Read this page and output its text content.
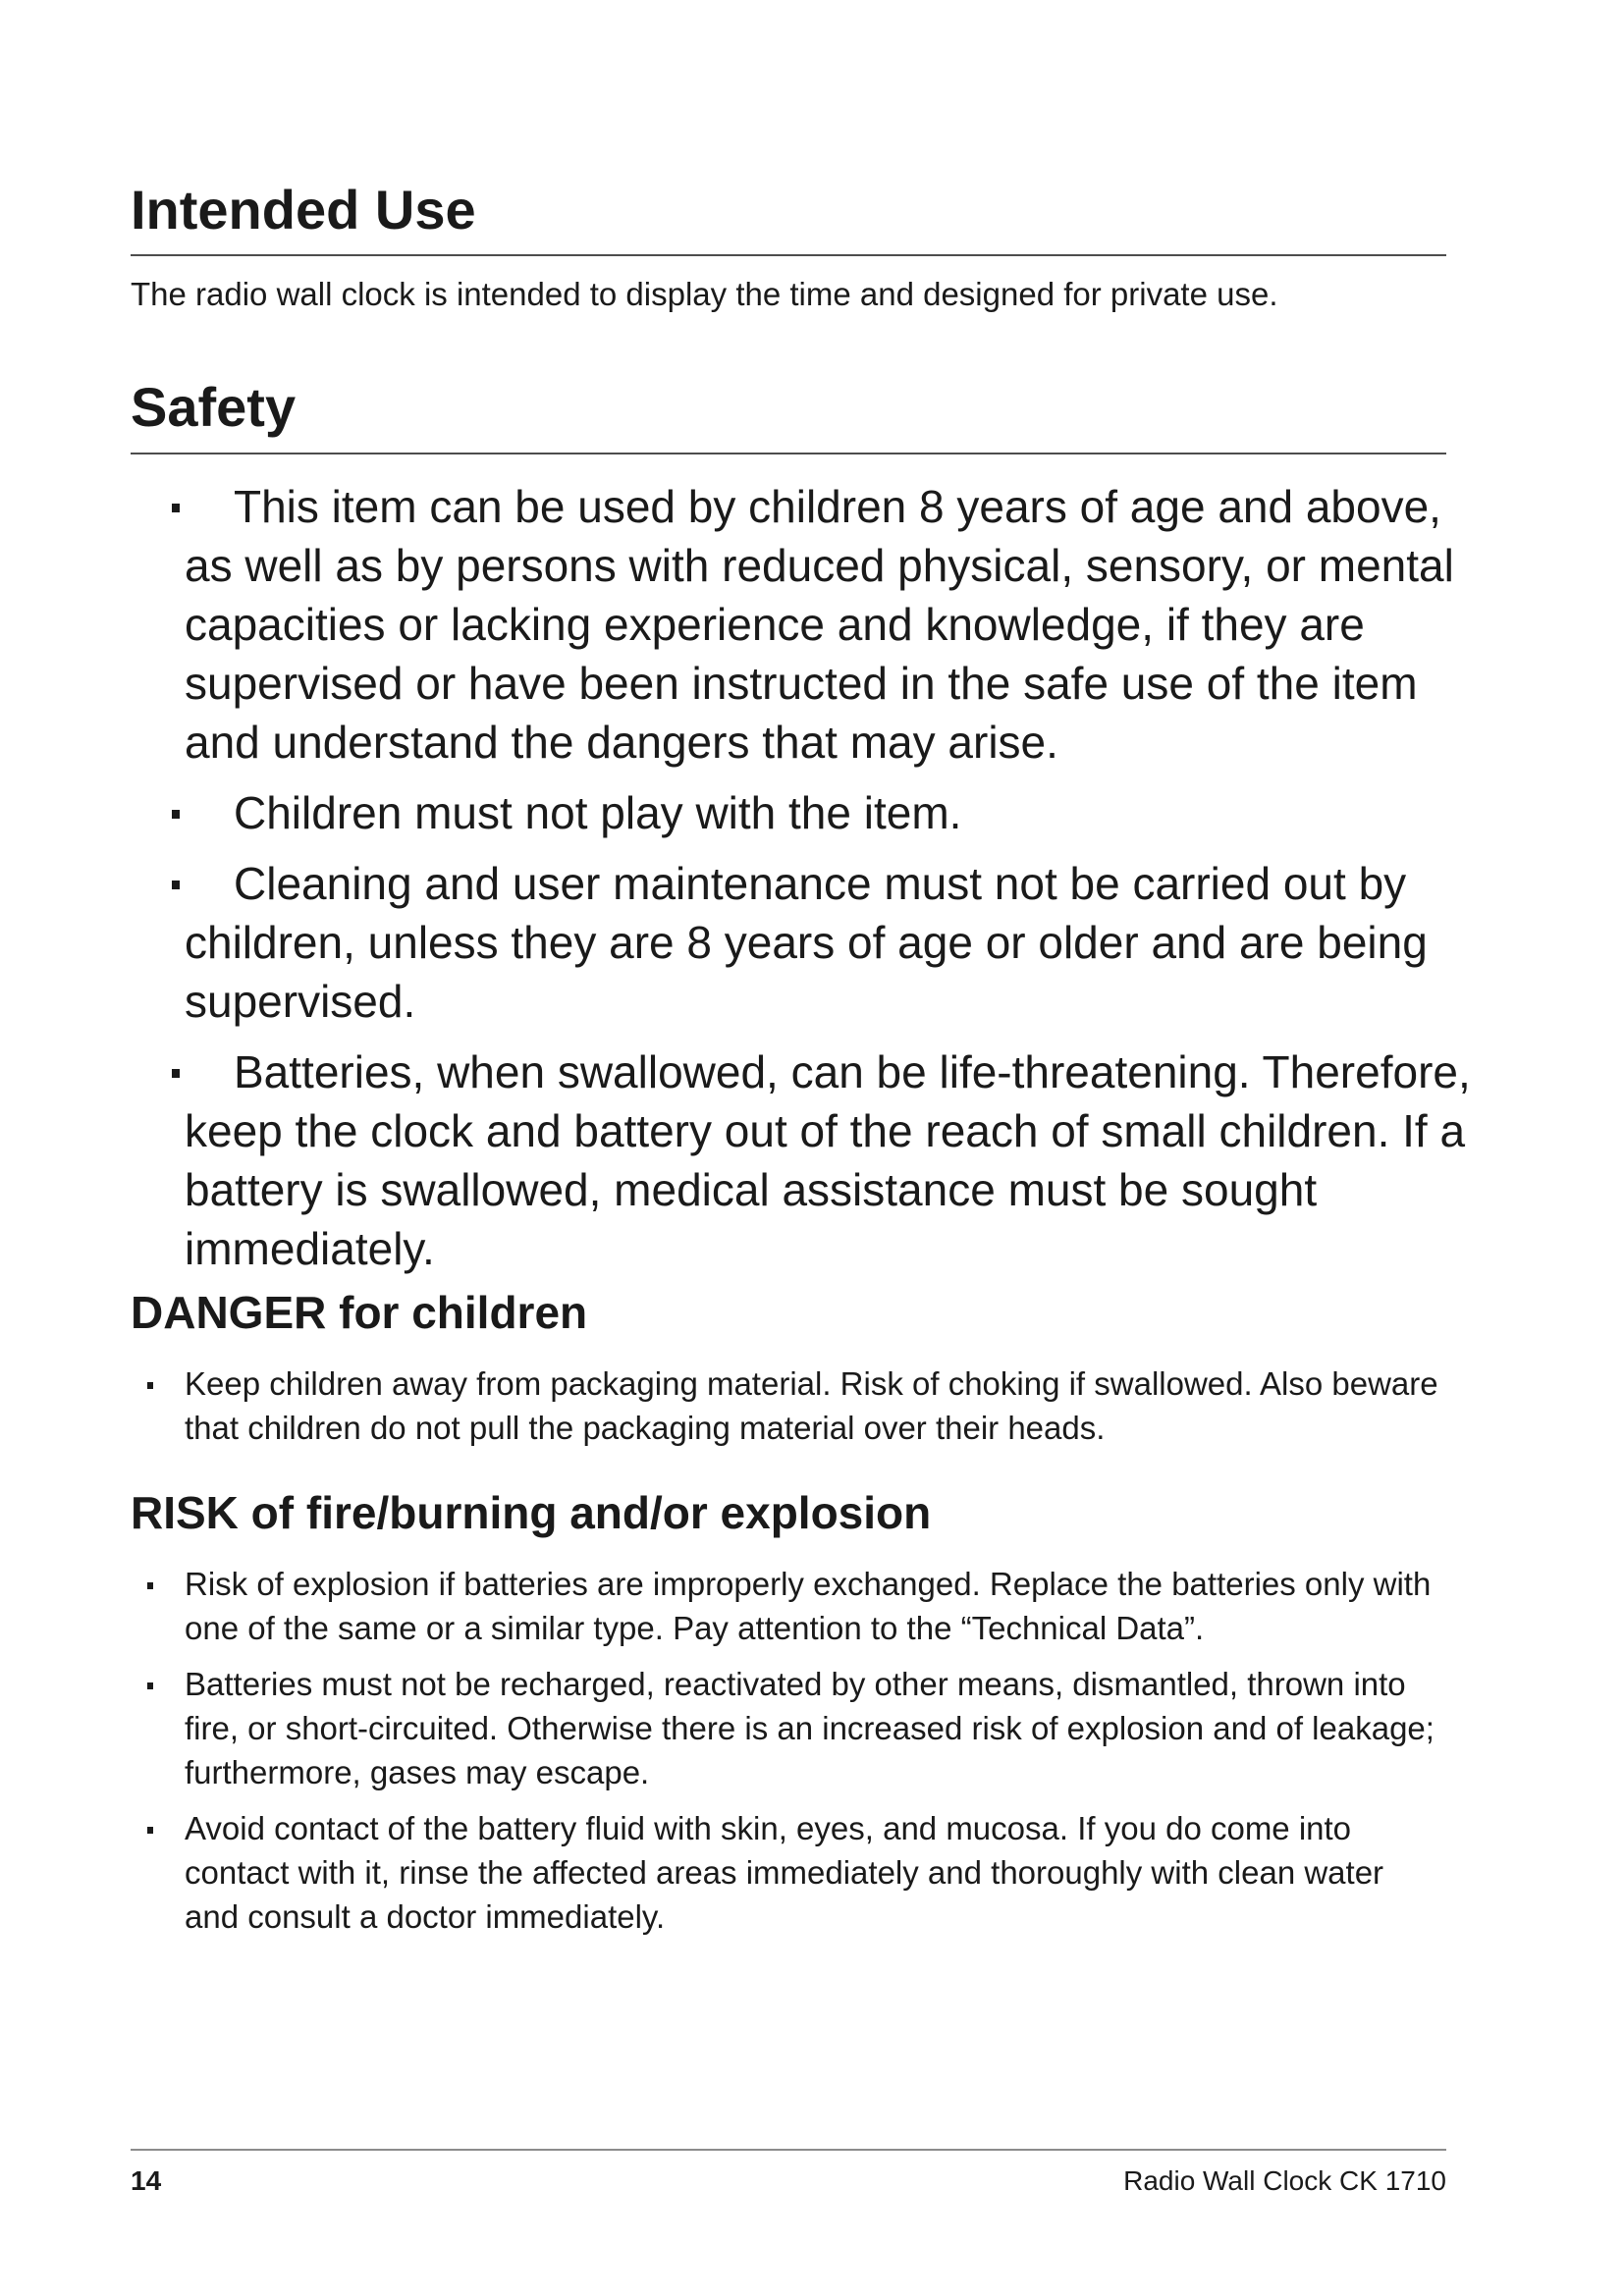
Intended Use

The radio wall clock is intended to display the time and designed for private use.

Safety
This item can be used by children 8 years of age and above, as well as by persons with reduced physical, sensory, or mental capacities or lacking experience and knowledge, if they are supervised or have been instructed in the safe use of the item and understand the dangers that may arise.
Children must not play with the item.
Cleaning and user maintenance must not be carried out by children, unless they are 8 years of age or older and are being supervised.
Batteries, when swallowed, can be life-threatening. Therefore, keep the clock and battery out of the reach of small children. If a battery is swallowed, medical assistance must be sought immediately.
DANGER for children
Keep children away from packaging material. Risk of choking if swallowed. Also beware that children do not pull the packaging material over their heads.
RISK of fire/burning and/or explosion
Risk of explosion if batteries are improperly exchanged. Replace the batteries only with one of the same or a similar type. Pay attention to the “Technical Data”.
Batteries must not be recharged, reactivated by other means, dismantled, thrown into fire, or short-circuited. Otherwise there is an increased risk of explosion and of leakage; furthermore, gases may escape.
Avoid contact of the battery fluid with skin, eyes, and mucosa. If you do come into contact with it, rinse the affected areas immediately and thoroughly with clean water and consult a doctor immediately.
14	Radio Wall Clock CK 1710
